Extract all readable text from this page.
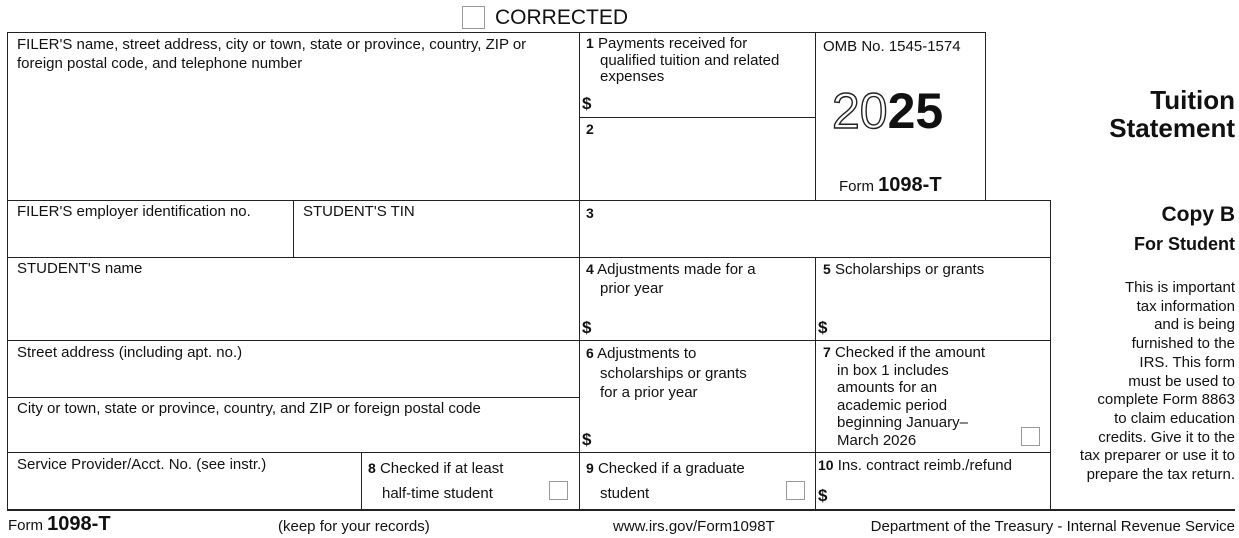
CORRECTED
FILER'S name, street address, city or town, state or province, country, ZIP or
foreign postal code, and telephone number
FILER'S employer identification no.	STUDENT'S TIN
STUDENT'S name
Street address (including apt. no.)
City or town, state or province, country, and ZIP or foreign postal code
Service Provider/Acct. No. (see instr.)
1 Payments received for
qualified tuition and related
expenses
$
2
OMB No. 1545-1574
2025
Form 1098-T
Tuition
Statement
3	Copy B
For Student
This is important
tax information
and is being
furnished to the
IRS. This form
must be used to
complete Form 8863
to claim education
credits. Give it to the
tax preparer or use it to
prepare the tax return.
4 Adjustments made for a
prior year
$
5 Scholarships or grants
$
6 Adjustments to
scholarships or grants
for a prior year
$
7 Checked if the amount
in box 1 includes
amounts for an
academic period
beginning January–
March 2026
8 Checked if at least
half-time student
9 Checked if a graduate
student
10 Ins. contract reimb./refund
$
Form 1098-T	(keep for your records)	www.irs.gov/Form1098T	Department of the Treasury - Internal Revenue Service
